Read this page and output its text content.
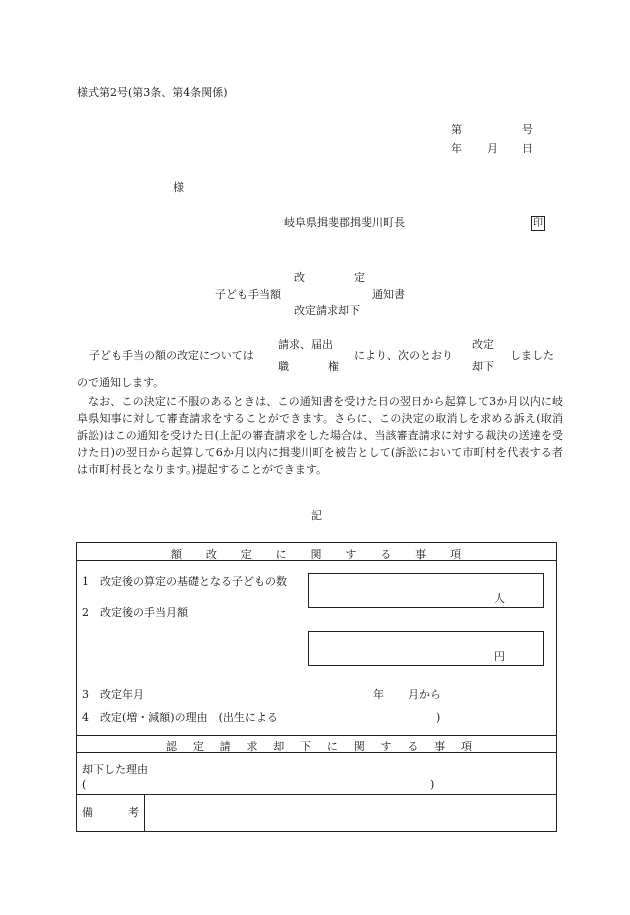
様式第2号(第3条、第4条関係)
第	号
年 月 日
様
岐阜県揖斐郡揖斐川町長	印
改	定
子ども手当額	通知書
改定請求却下
子ども手当の額の改定については
請求、届出
職	権
により、次のとおり
改定
却下
しました
ので通知します。
なお、この決定に不服のあるときは、この通知書を受けた日の翌日から起算して3か月以内に岐阜県知事に対して審査請求をすることができます。さらに、この決定の取消しを求める訴え(取消訴訟)はこの通知を受けた日(上記の審査請求をした場合は、当該審査請求に対する裁決の送達を受けた日)の翌日から起算して6か月以内に揖斐川町を被告として(訴訟において市町村を代表する者は市町村長となります。)提起することができます。
記
額 改 定 に 関 す る 事 項
1　改定後の算定の基礎となる子どもの数
人
2　改定後の手当月額
円
3　改定年月	年 月から
4　改定(増・減額)の理由　(出生による	)
認 定 請 求 却 下 に 関 す る 事 項
却下した理由
(	)
備	考
